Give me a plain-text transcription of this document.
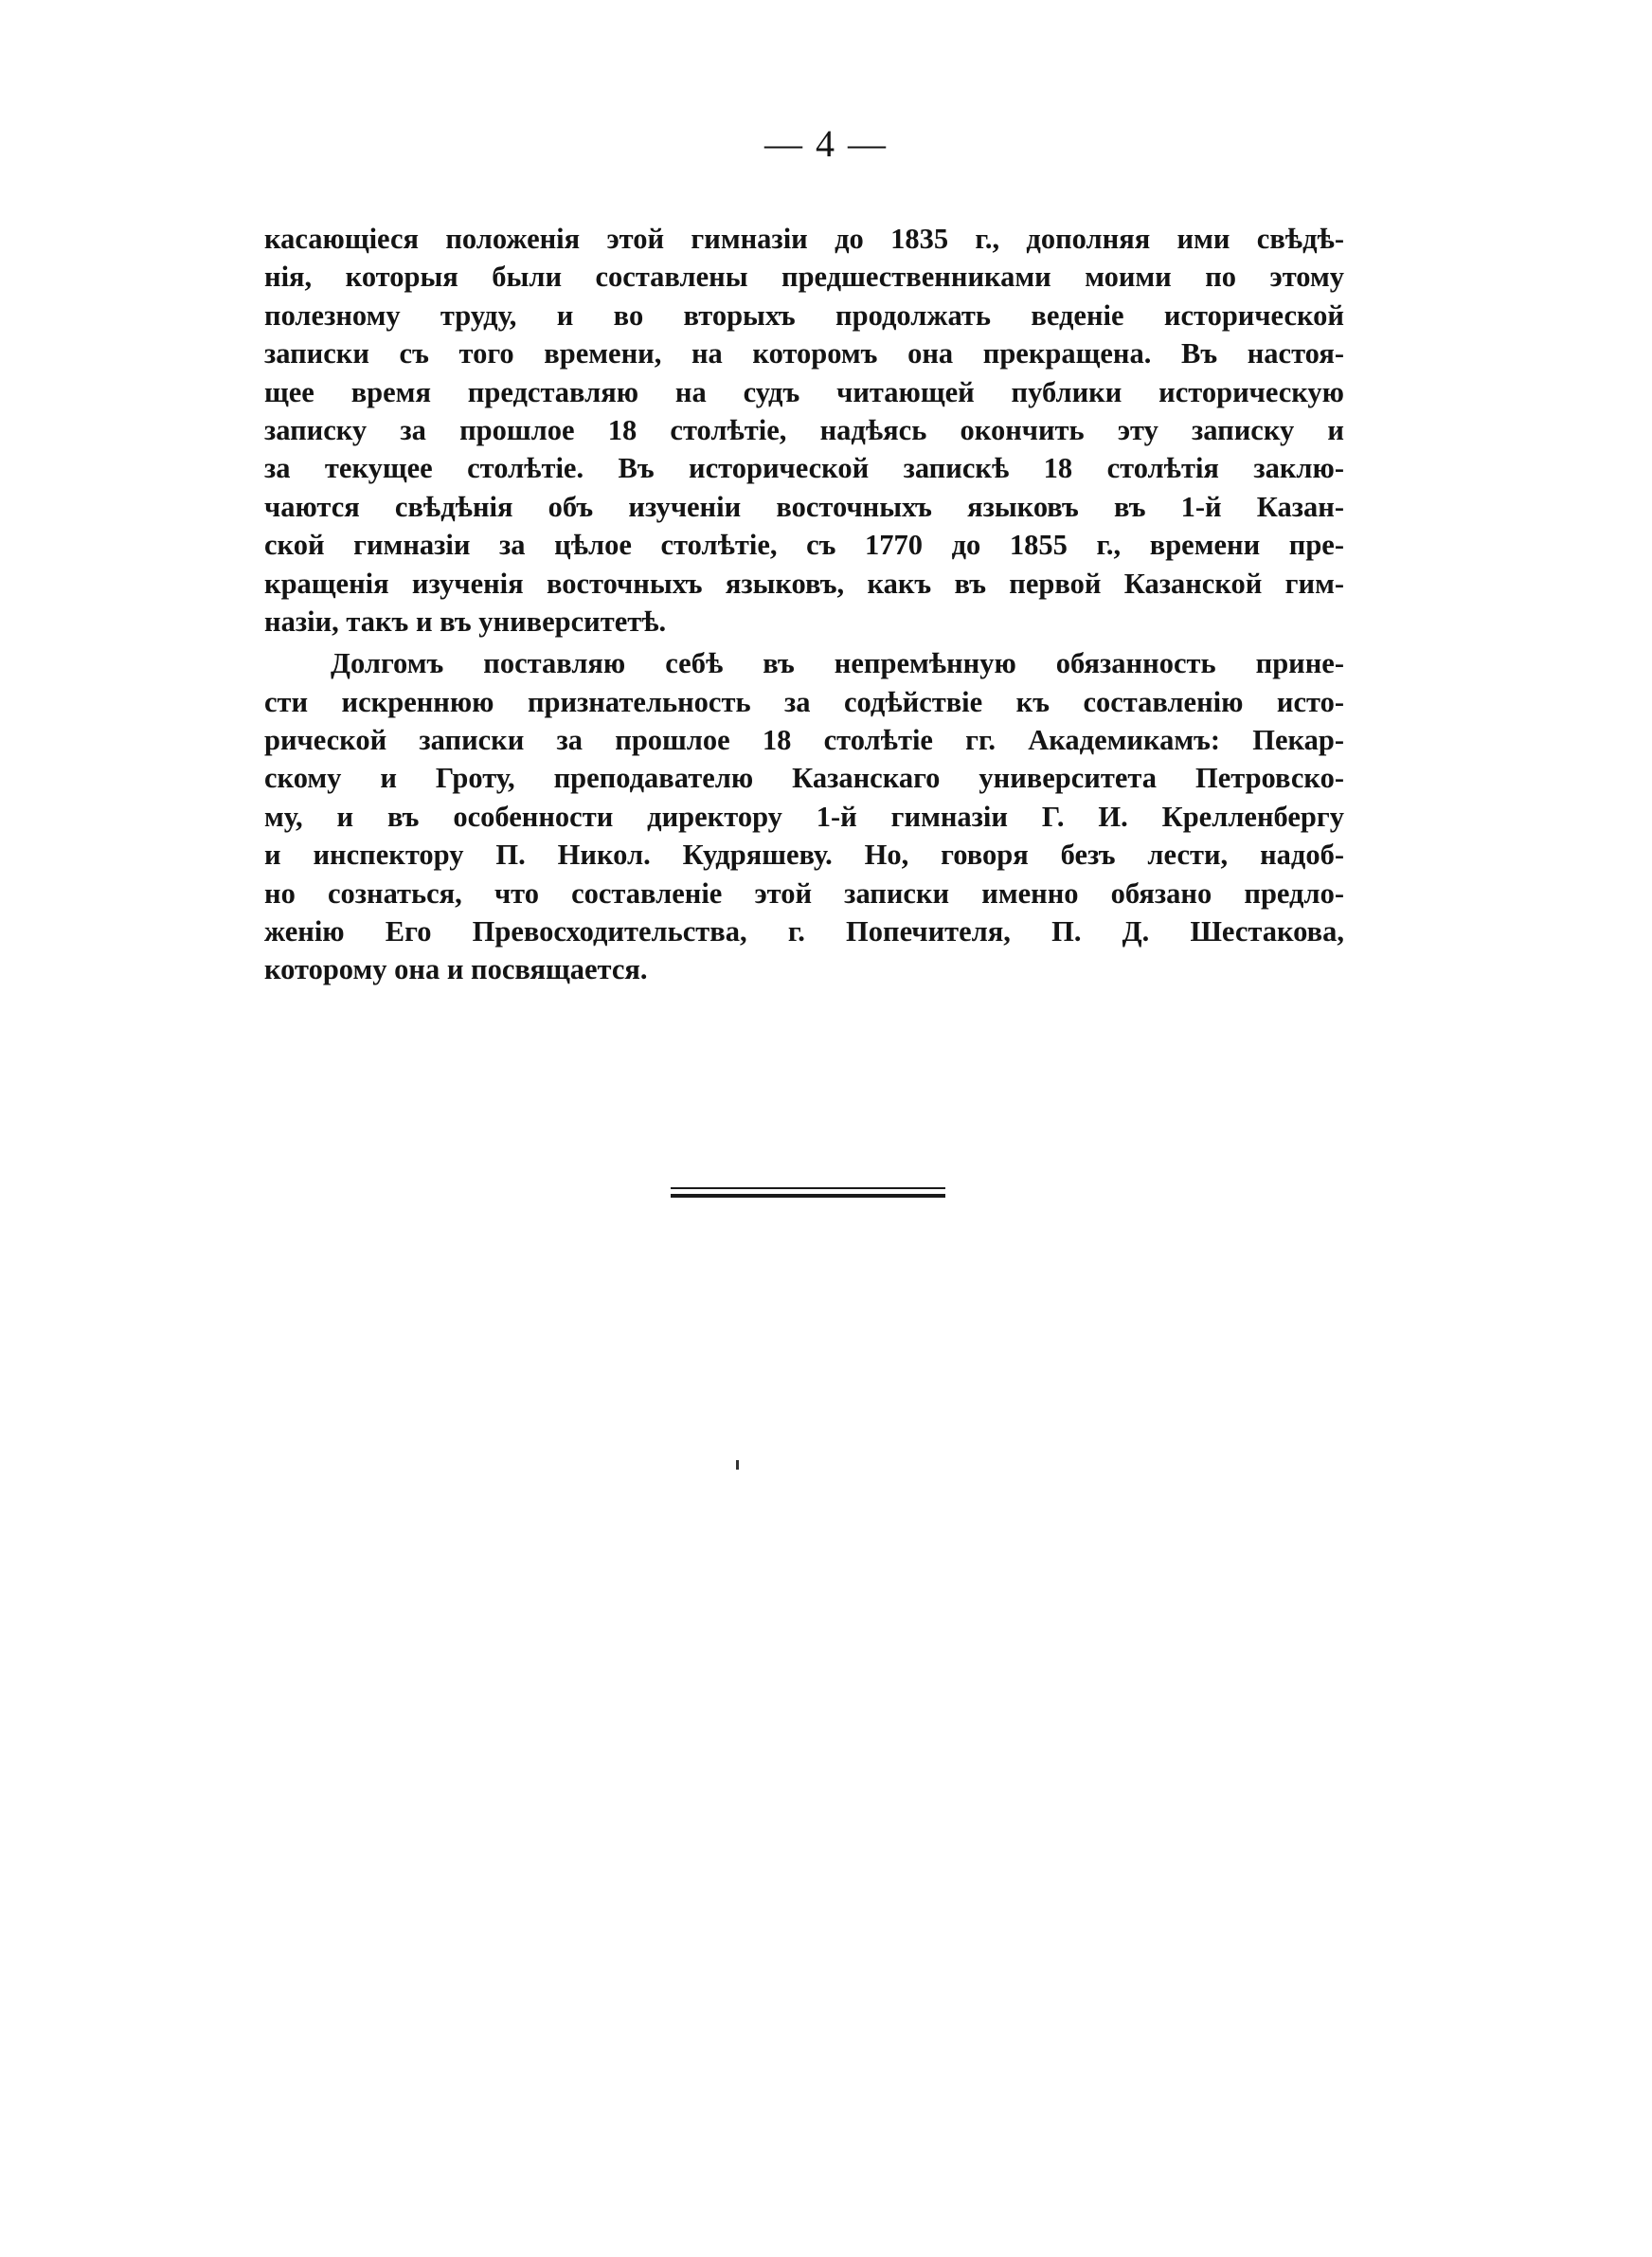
— 4 —
касающіеся положенія этой гимназіи до 1835 г., дополняя ими свѣдѣ-
нія, которыя были составлены предшественниками моими по этому
полезному труду, и во вторыхъ продолжать веденіе исторической
записки съ того времени, на которомъ она прекращена. Въ настоя-
щее время представляю на судъ читающей публики историческую
записку за прошлое 18 столѣтіе, надѣясь окончить эту записку и
за текущее столѣтіе. Въ исторической запискѣ 18 столѣтія заклю-
чаются свѣдѣнія объ изученіи восточныхъ языковъ въ 1-й Казан-
ской гимназіи за цѣлое столѣтіе, съ 1770 до 1855 г., времени пре-
кращенія изученія восточныхъ языковъ, какъ въ первой Казанской гим-
назіи, такъ и въ университетѣ.
Долгомъ поставляю себѣ въ непремѣнную обязанность прине-
сти искреннюю признательность за содѣйствіе къ составленію исто-
рической записки за прошлое 18 столѣтіе гг. Академикамъ: Пекар-
скому и Гроту, преподавателю Казанскаго университета Петровско-
му, и въ особенности директору 1-й гимназіи Г. И. Крелленбергу
и инспектору П. Никол. Кудряшеву. Но, говоря безъ лести, надоб-
но сознаться, что составленіе этой записки именно обязано предло-
женію Его Превосходительства, г. Попечителя, П. Д. Шестакова,
которому она и посвящается.
